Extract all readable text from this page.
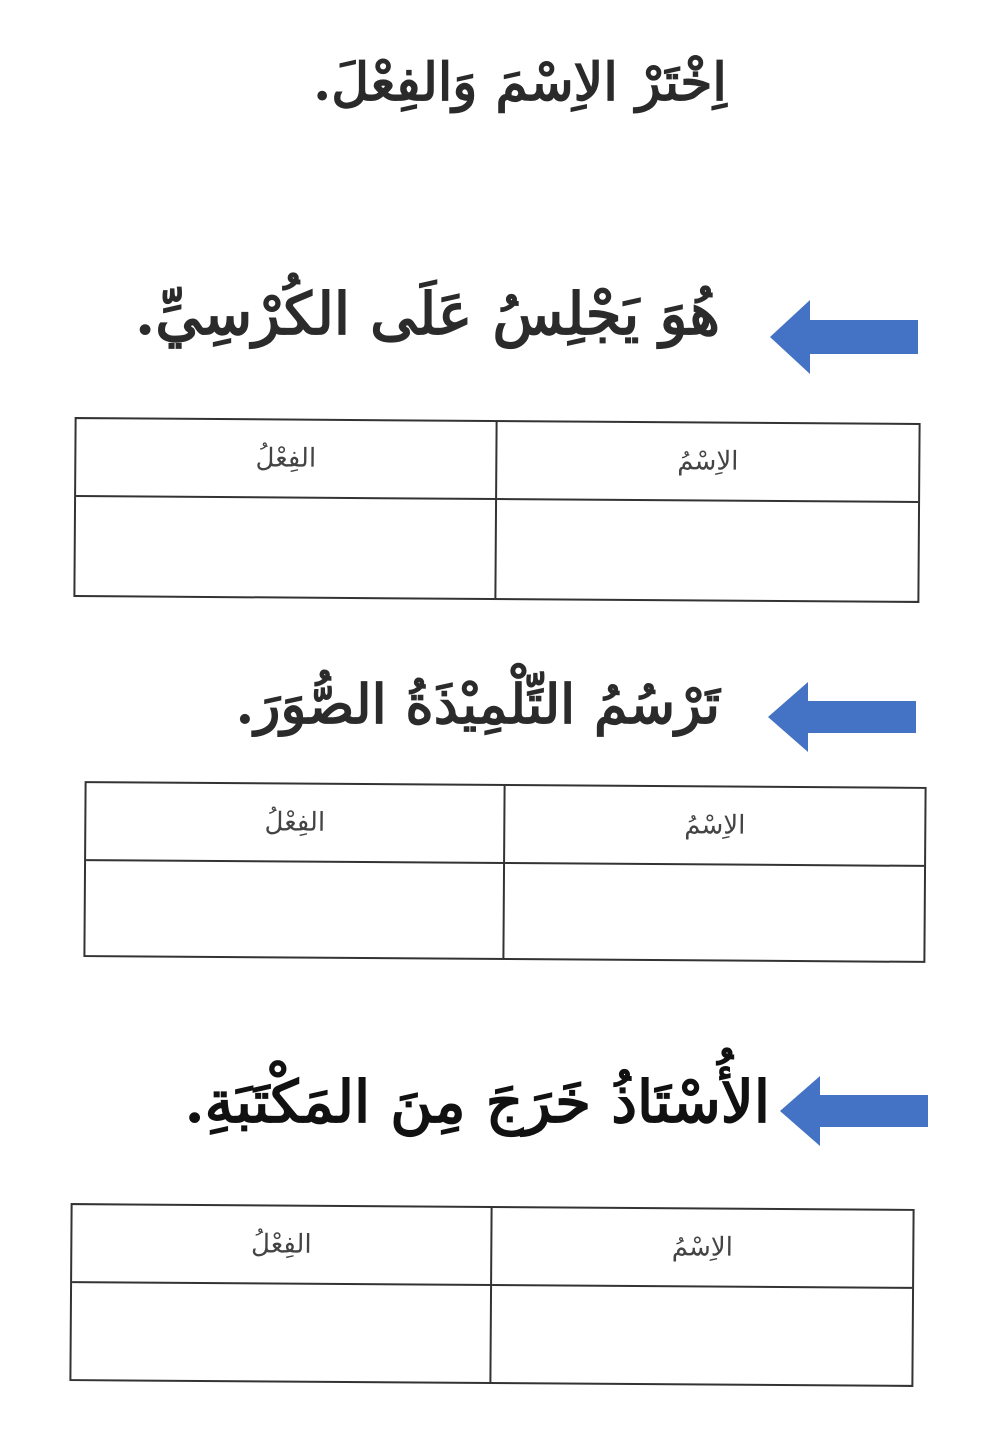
اِخْتَرْ الاِسْمَ وَالفِعْلَ.
هُوَ يَجْلِسُ عَلَى الكُرْسِيِّ.
الفِعْلُ	الاِسْمُ
تَرْسُمُ التِّلْمِيْذَةُ الصُّوَرَ.
الفِعْلُ	الاِسْمُ
الأُسْتَاذُ خَرَجَ مِنَ المَكْتَبَةِ.
الفِعْلُ	الاِسْمُ
